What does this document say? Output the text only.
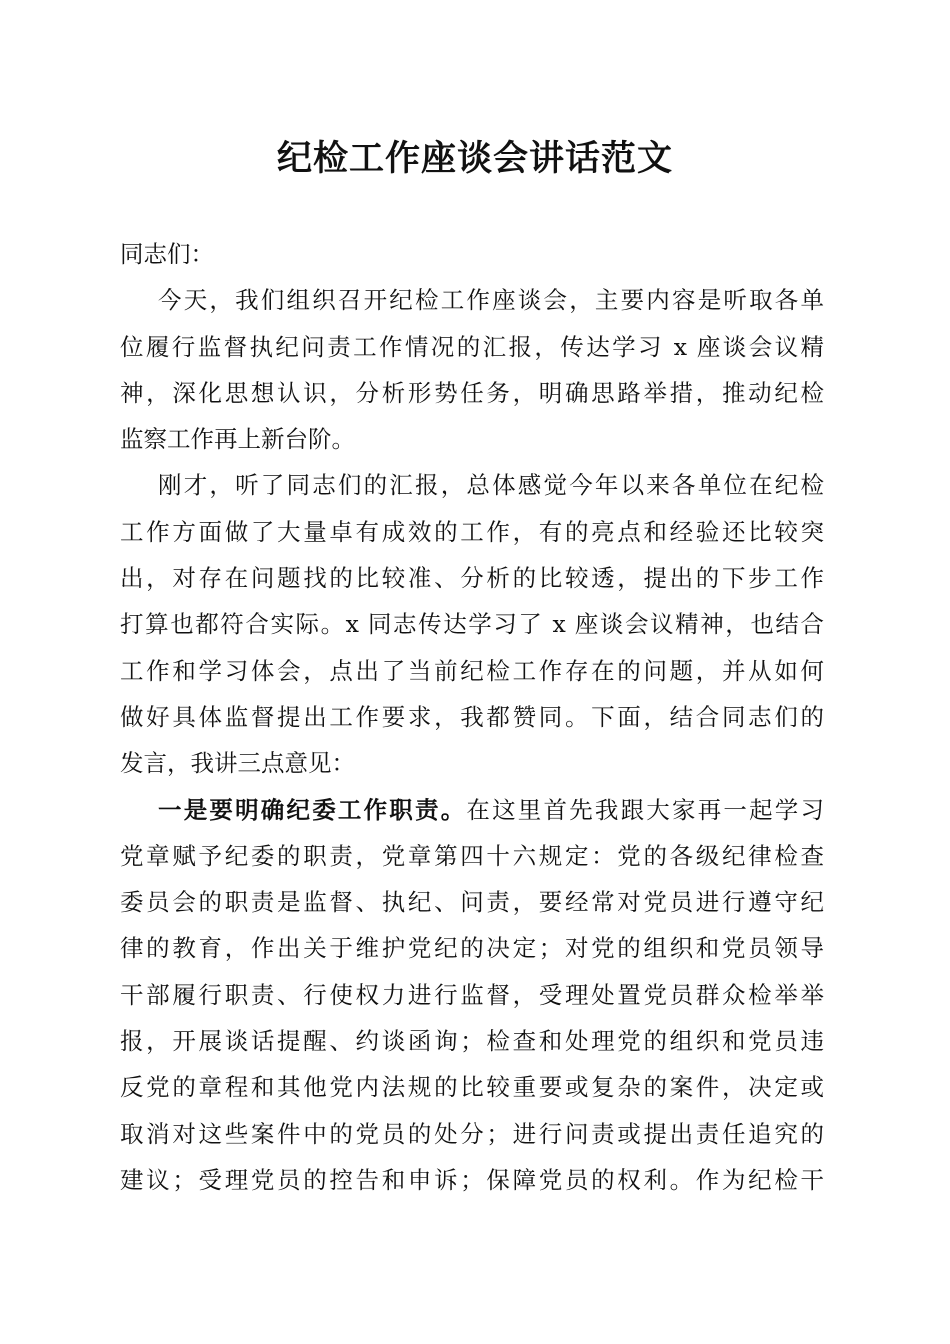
纪检工作座谈会讲话范文
同志们：
今天，我们组织召开纪检工作座谈会，主要内容是听取各单
位履行监督执纪问责工作情况的汇报，传达学习 x 座谈会议精
神，深化思想认识，分析形势任务，明确思路举措，推动纪检
监察工作再上新台阶。
刚才，听了同志们的汇报，总体感觉今年以来各单位在纪检
工作方面做了大量卓有成效的工作，有的亮点和经验还比较突
出，对存在问题找的比较准、分析的比较透，提出的下步工作
打算也都符合实际。x 同志传达学习了 x 座谈会议精神，也结合
工作和学习体会，点出了当前纪检工作存在的问题，并从如何
做好具体监督提出工作要求，我都赞同。下面，结合同志们的
发言，我讲三点意见：
一是要明确纪委工作职责。在这里首先我跟大家再一起学习
党章赋予纪委的职责，党章第四十六规定：党的各级纪律检查
委员会的职责是监督、执纪、问责，要经常对党员进行遵守纪
律的教育，作出关于维护党纪的决定；对党的组织和党员领导
干部履行职责、行使权力进行监督，受理处置党员群众检举举
报，开展谈话提醒、约谈函询；检查和处理党的组织和党员违
反党的章程和其他党内法规的比较重要或复杂的案件，决定或
取消对这些案件中的党员的处分；进行问责或提出责任追究的
建议；受理党员的控告和申诉；保障党员的权利。作为纪检干
